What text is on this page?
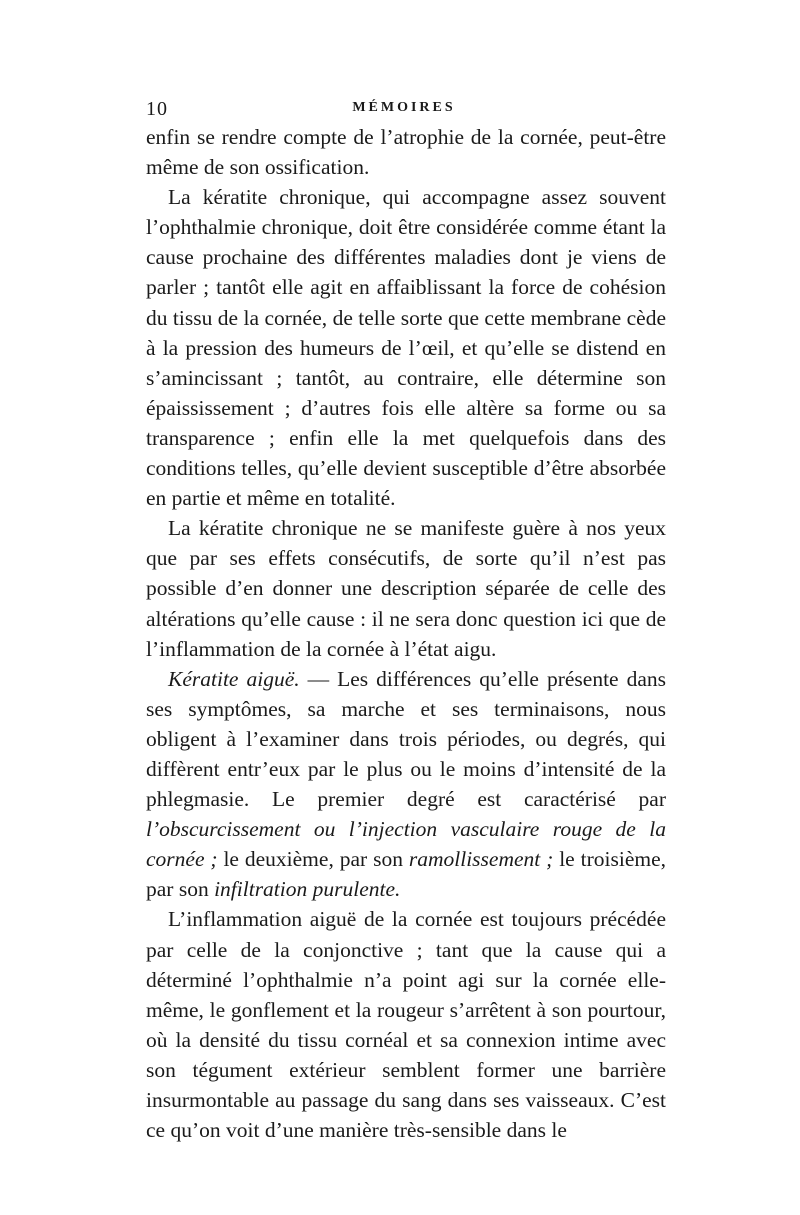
10	MÉMOIRES

enfin se rendre compte de l’atrophie de la cornée, peut-être même de son ossification.

La kératite chronique, qui accompagne assez souvent l’ophthalmie chronique, doit être considérée comme étant la cause prochaine des différentes maladies dont je viens de parler ; tantôt elle agit en affaiblissant la force de cohésion du tissu de la cornée, de telle sorte que cette membrane cède à la pression des humeurs de l’œil, et qu’elle se distend en s’amincissant ; tantôt, au contraire, elle détermine son épaississement ; d’autres fois elle altère sa forme ou sa transparence ; enfin elle la met quelquefois dans des conditions telles, qu’elle devient susceptible d’être absorbée en partie et même en totalité.

La kératite chronique ne se manifeste guère à nos yeux que par ses effets consécutifs, de sorte qu’il n’est pas possible d’en donner une description séparée de celle des altérations qu’elle cause : il ne sera donc question ici que de l’inflammation de la cornée à l’état aigu.

Kératite aiguë. — Les différences qu’elle présente dans ses symptômes, sa marche et ses terminaisons, nous obligent à l’examiner dans trois périodes, ou degrés, qui diffèrent entr’eux par le plus ou le moins d’intensité de la phlegmasie. Le premier degré est caractérisé par l’obscurcissement ou l’injection vasculaire rouge de la cornée ; le deuxième, par son ramollissement ; le troisième, par son infiltration purulente.

L’inflammation aiguë de la cornée est toujours précédée par celle de la conjonctive ; tant que la cause qui a déterminé l’ophthalmie n’a point agi sur la cornée elle-même, le gonflement et la rougeur s’arrêtent à son pourtour, où la densité du tissu cornéal et sa connexion intime avec son tégument extérieur semblent former une barrière insurmontable au passage du sang dans ses vaisseaux. C’est ce qu’on voit d’une manière très-sensible dans le
